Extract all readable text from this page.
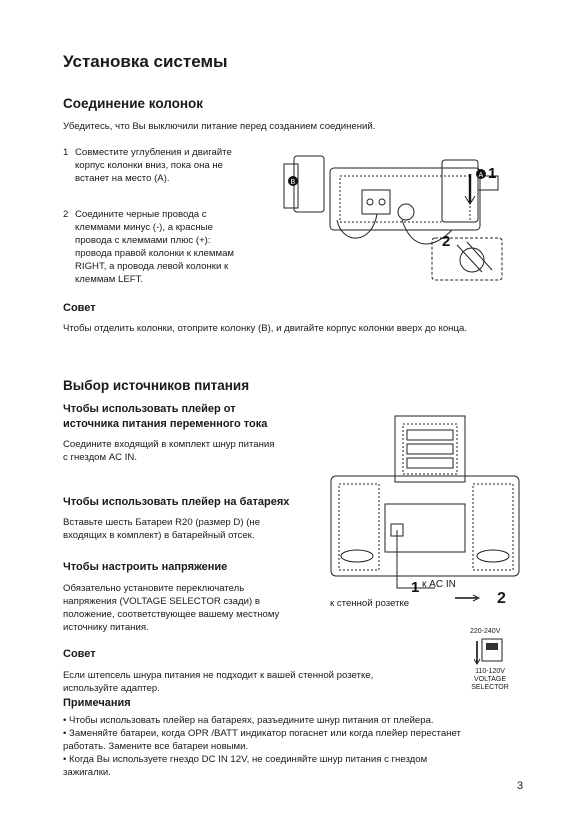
Установка системы
Соединение колонок
Убедитесь, что Вы выключили питание перед созданием соединений.
1 Совместите углубления и двигайте
корпус колонки вниз, пока она не
встанет на место (A).
2 Соедините черные провода с
клеммами минус (-), а красные
провода с клеммами плюс (+):
провода правой колонки к клеммам
RIGHT, а провода левой колонки к
клеммам LEFT.
B
A 1
2
Совет
Чтобы отделить колонки, отоприте колонку (B), и двигайте корпус колонки вверх до конца.
Выбор источников питания
Чтобы использовать плейер от
источника питания переменного тока
Соедините входящий в комплект шнур питания
с гнездом AC IN.
Чтобы использовать плейер на батареях
Вставьте шесть Батареи R20 (размер D) (не
входящих в комплект) в батарейный отсек.
Чтобы настроить напряжение
Обязательно установите переключатель
напряжения (VOLTAGE SELECTOR сзади) в
положение, соответствующее вашему местному
источнику питания.
1 к AC IN
к стенной розетке	2
220-240V
110-120V
VOLTAGE
SELECTOR
Совет
Если штепсель шнура питания не подходит к вашей стенной розетке,
используйте адаптер.
Примечания
• Чтобы использовать плейер на батареях, разъедините шнур питания от плейера.
• Заменяйте батареи, когда OPR /BATT индикатор погаснет или когда плейер перестанет
работать. Замените все батареи новыми.
• Когда Вы используете гнездо DC IN 12V, не соединяйте шнур питания с гнездом
зажигалки.
3
